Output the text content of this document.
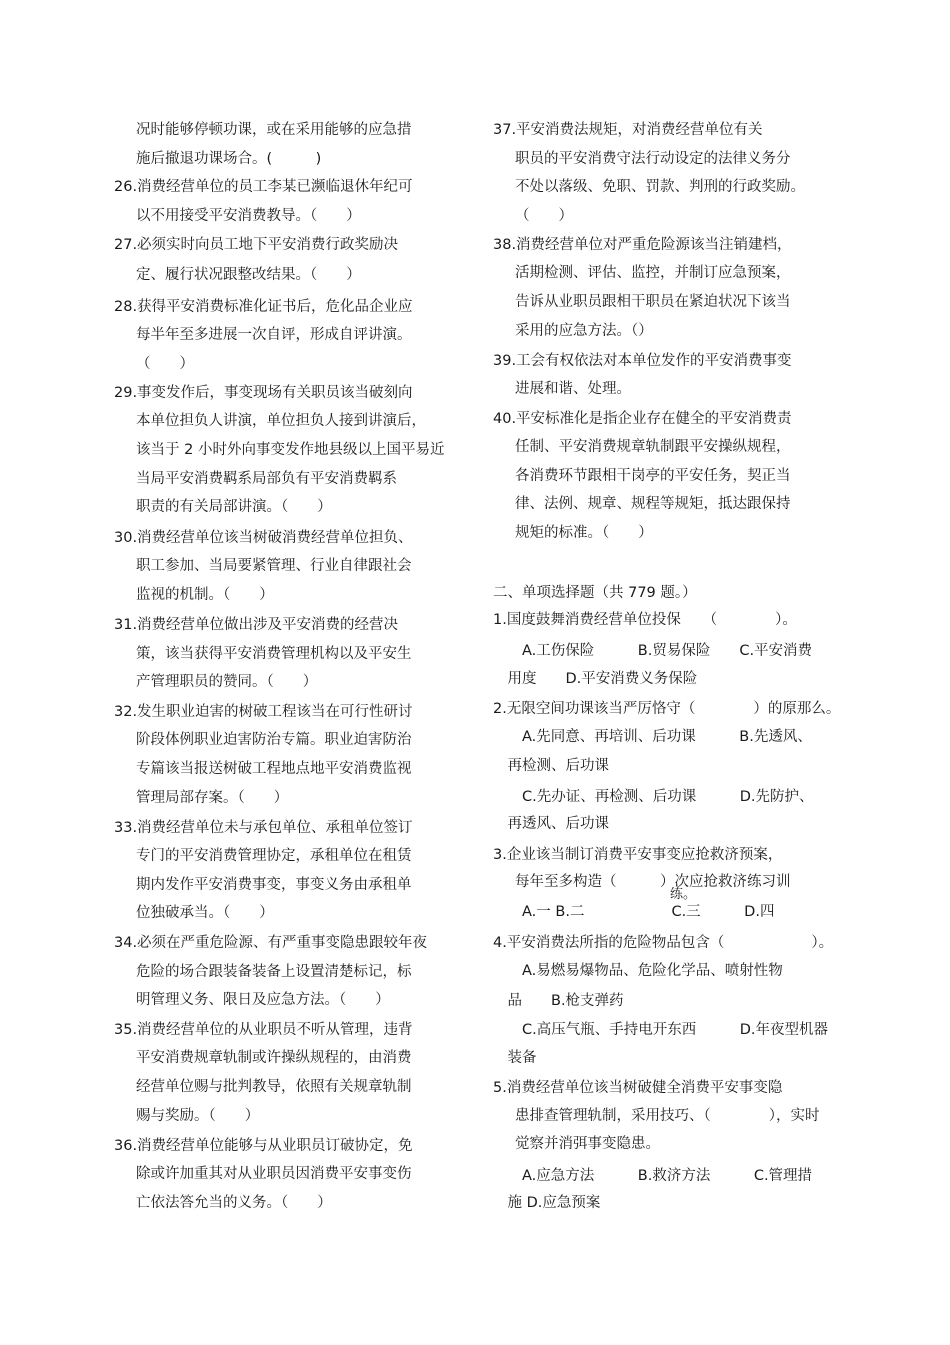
况时能够停顿功课，或在采用能够的应急措
施后撤退功课场合。(　　　)
26.消费经营单位的员工李某已濒临退休年纪可
以不用接受平安消费教导。（　　）
27.必须实时向员工地下平安消费行政奖励决
定、履行状况跟整改结果。（　　）
28.获得平安消费标准化证书后，危化品企业应
每半年至多进展一次自评，形成自评讲演。
（　　）
29.事变发作后，事变现场有关职员该当破刻向
本单位担负人讲演，单位担负人接到讲演后，
该当于 2 小时外向事变发作地县级以上国平易近
当局平安消费羁系局部负有平安消费羁系
职责的有关局部讲演。（　　）
30.消费经营单位该当树破消费经营单位担负、
职工参加、当局要紧管理、行业自律跟社会
监视的机制。（　　）
31.消费经营单位做出涉及平安消费的经营决
策，该当获得平安消费管理机构以及平安生
产管理职员的赞同。（　　）
32.发生职业迫害的树破工程该当在可行性研讨
阶段体例职业迫害防治专篇。职业迫害防治
专篇该当报送树破工程地点地平安消费监视
管理局部存案。（　　）
33.消费经营单位未与承包单位、承租单位签订
专门的平安消费管理协定，承租单位在租赁
期内发作平安消费事变，事变义务由承租单
位独破承当。（　　）
34.必须在严重危险源、有严重事变隐患跟较年夜
危险的场合跟装备装备上设置清楚标记，标
明管理义务、限日及应急方法。（　　）
35.消费经营单位的从业职员不听从管理，违背
平安消费规章轨制或许操纵规程的，由消费
经营单位赐与批判教导，依照有关规章轨制
赐与奖励。（　　）
36.消费经营单位能够与从业职员订破协定，免
除或许加重其对从业职员因消费平安事变伤
亡依法答允当的义务。（　　）
37.平安消费法规矩，对消费经营单位有关
职员的平安消费守法行动设定的法律义务分
不处以落级、免职、罚款、判刑的行政奖励。
（　　）
38.消费经营单位对严重危险源该当注销建档，
活期检测、评估、监控，并制订应急预案，
告诉从业职员跟相干职员在紧迫状况下该当
采用的应急方法。（）
39.工会有权依法对本单位发作的平安消费事变
进展和谐、处理。
40.平安标准化是指企业存在健全的平安消费责
任制、平安消费规章轨制跟平安操纵规程，
各消费环节跟相干岗亭的平安任务，契正当
律、法例、规章、规程等规矩，抵达跟保持
规矩的标准。（　　）
二、单项选择题（共 779 题。）
1.国度鼓舞消费经营单位投保　　（　　　　）。
　　A.工伤保险　　　B.贸易保险　　C.平安消费
　用度　　D.平安消费义务保险
2.无限空间功课该当严厉恪守（　　　　）的原那么。
　　A.先同意、再培训、后功课　　　B.先透风、
　再检测、后功课
　　C.先办证、再检测、后功课　　　D.先防护、
　再透风、后功课
3.企业该当制订消费平安事变应抢救济预案，
每年至多构造（　　　）次应抢救济练习训
练。
　　A.一 B.二　　　　　　C.三　　　D.四
4.平安消费法所指的危险物品包含（　　　　　　）。
　　A.易燃易爆物品、危险化学品、喷射性物
　品　　B.枪支弹药
　　C.高压气瓶、手持电开东西　　　D.年夜型机器
　装备
5.消费经营单位该当树破健全消费平安事变隐
患排查管理轨制，采用技巧、（　　　　），实时
觉察并消弭事变隐患。
　　A.应急方法　　　B.救济方法　　　C.管理措
　施 D.应急预案
